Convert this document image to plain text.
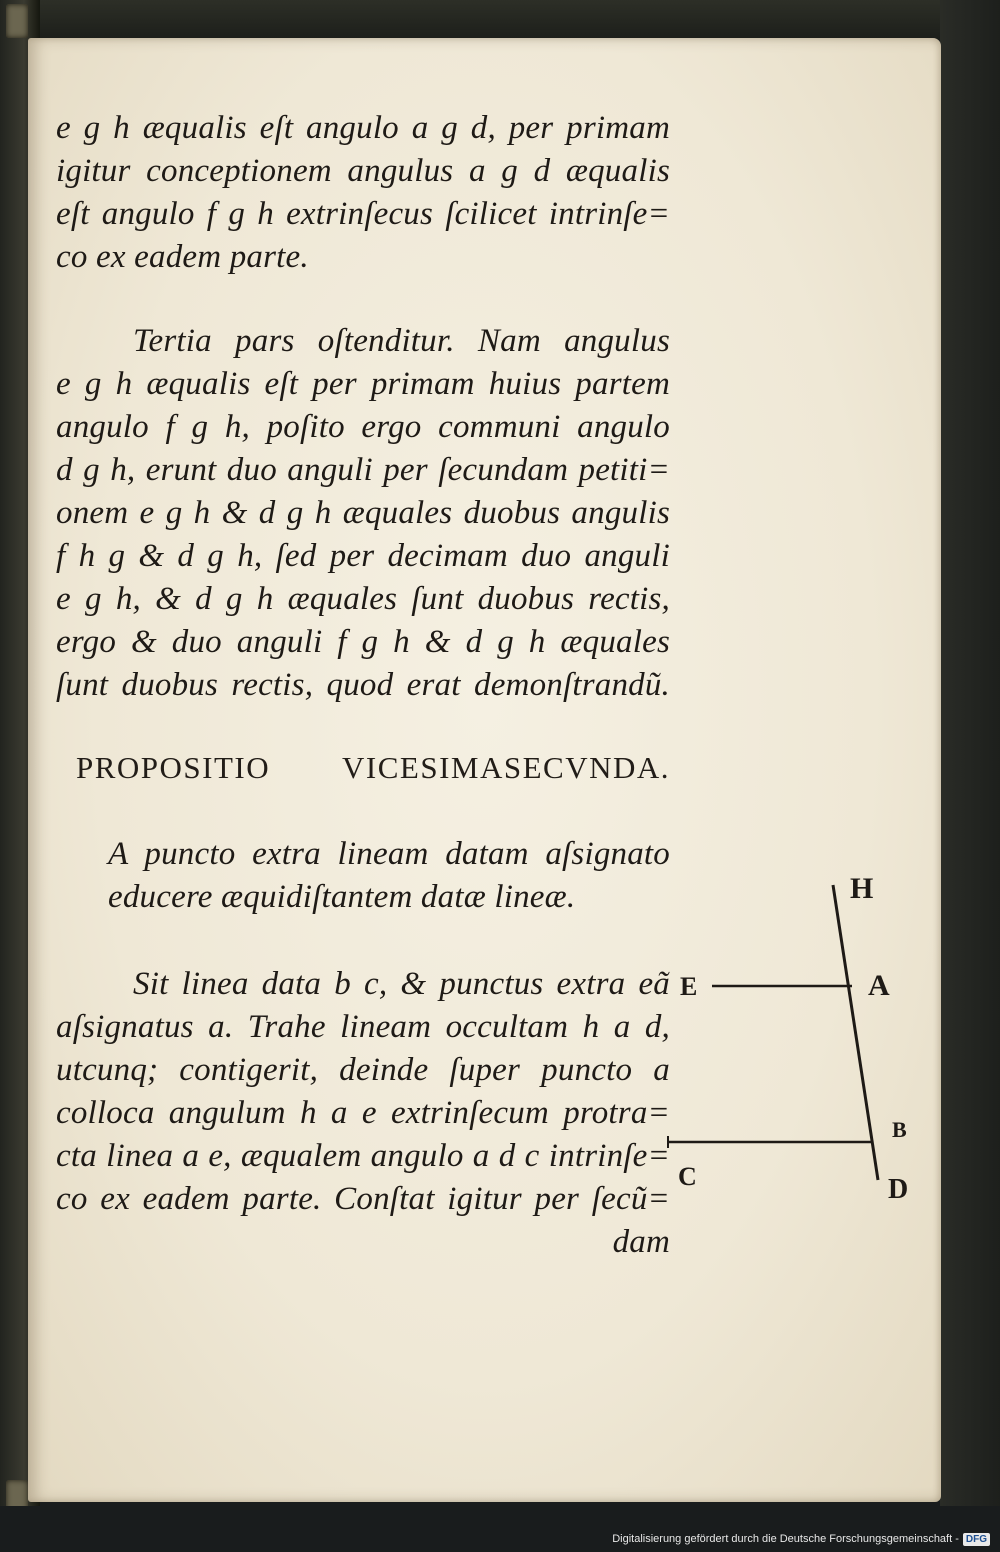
e g h æqualis eſt angulo a g d, per primam
igitur conceptionem angulus a g d æqualis
eſt angulo f g h extrinſecus ſcilicet intrinſe=
co ex eadem parte.
Tertia pars oſtenditur. Nam angulus
e g h æqualis eſt per primam huius partem
angulo f g h, poſito ergo communi angulo
d g h, erunt duo anguli per ſecundam petiti=
onem e g h & d g h æquales duobus angulis
f h g & d g h, ſed per decimam duo anguli
e g h, & d g h æquales ſunt duobus rectis,
ergo & duo anguli f g h & d g h æquales
ſunt duobus rectis, quod erat demonſtrandũ.
PROPOSITIO VICESIMASECVNDA.
A puncto extra lineam datam aſsignato
educere æquidiſtantem datæ lineæ.
Sit linea data b c, & punctus extra eã
aſsignatus a. Trahe lineam occultam h a d,
utcunq; contigerit, deinde ſuper puncto a
colloca angulum h a e extrinſecum protra=
cta linea a e, æqualem angulo a d c intrinſe=
co ex eadem parte. Conſtat igitur per ſecũ=
dam
H
E	A
B
C	D
Digitalisierung gefördert durch die Deutsche Forschungsgemeinschaft - DFG
